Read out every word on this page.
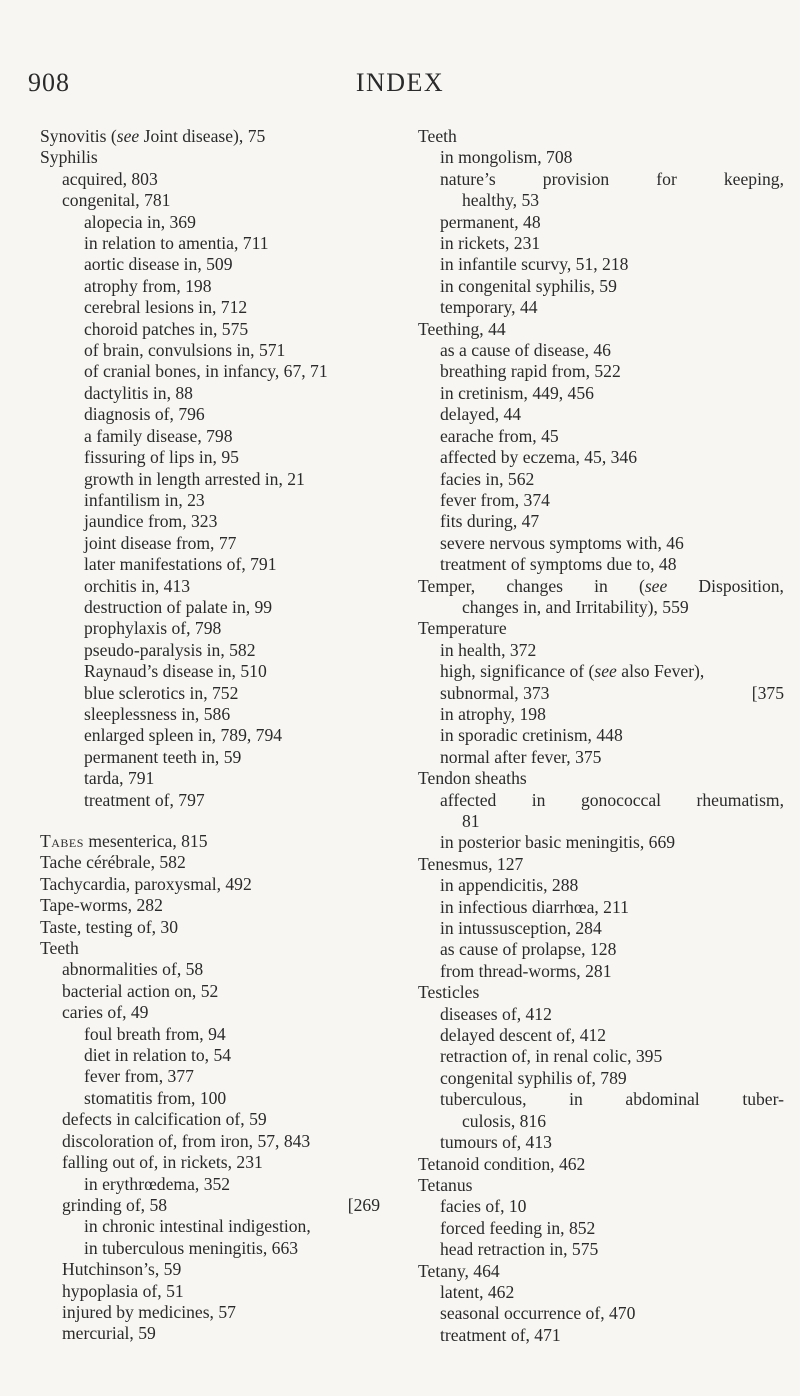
908	INDEX
Synovitis (see Joint disease), 75
Syphilis
acquired, 803
congenital, 781
alopecia in, 369
in relation to amentia, 711
aortic disease in, 509
atrophy from, 198
cerebral lesions in, 712
choroid patches in, 575
of brain, convulsions in, 571
of cranial bones, in infancy, 67, 71
dactylitis in, 88
diagnosis of, 796
a family disease, 798
fissuring of lips in, 95
growth in length arrested in, 21
infantilism in, 23
jaundice from, 323
joint disease from, 77
later manifestations of, 791
orchitis in, 413
destruction of palate in, 99
prophylaxis of, 798
pseudo-paralysis in, 582
Raynaud’s disease in, 510
blue sclerotics in, 752
sleeplessness in, 586
enlarged spleen in, 789, 794
permanent teeth in, 59
tarda, 791
treatment of, 797
Tabes mesenterica, 815
Tache cérébrale, 582
Tachycardia, paroxysmal, 492
Tape-worms, 282
Taste, testing of, 30
Teeth
abnormalities of, 58
bacterial action on, 52
caries of, 49
foul breath from, 94
diet in relation to, 54
fever from, 377
stomatitis from, 100
defects in calcification of, 59
discoloration of, from iron, 57, 843
falling out of, in rickets, 231
in erythrœdema, 352
grinding of, 58	[269
in chronic intestinal indigestion,
in tuberculous meningitis, 663
Hutchinson’s, 59
hypoplasia of, 51
injured by medicines, 57
mercurial, 59
Teeth
in mongolism, 708
nature’s	provision	for	keeping,
healthy, 53
permanent, 48
in rickets, 231
in infantile scurvy, 51, 218
in congenital syphilis, 59
temporary, 44
Teething, 44
as a cause of disease, 46
breathing rapid from, 522
in cretinism, 449, 456
delayed, 44
earache from, 45
affected by eczema, 45, 346
facies in, 562
fever from, 374
fits during, 47
severe nervous symptoms with, 46
treatment of symptoms due to, 48
Temper, changes in (see Disposition,
changes in, and Irritability), 559
Temperature
in health, 372
high, significance of (see also Fever),
subnormal, 373	[375
in atrophy, 198
in sporadic cretinism, 448
normal after fever, 375
Tendon sheaths
affected in gonococcal rheumatism,
81
in posterior basic meningitis, 669
Tenesmus, 127
in appendicitis, 288
in infectious diarrhœa, 211
in intussusception, 284
as cause of prolapse, 128
from thread-worms, 281
Testicles
diseases of, 412
delayed descent of, 412
retraction of, in renal colic, 395
congenital syphilis of, 789
tuberculous, in abdominal tuber-
culosis, 816
tumours of, 413
Tetanoid condition, 462
Tetanus
facies of, 10
forced feeding in, 852
head retraction in, 575
Tetany, 464
latent, 462
seasonal occurrence of, 470
treatment of, 471
